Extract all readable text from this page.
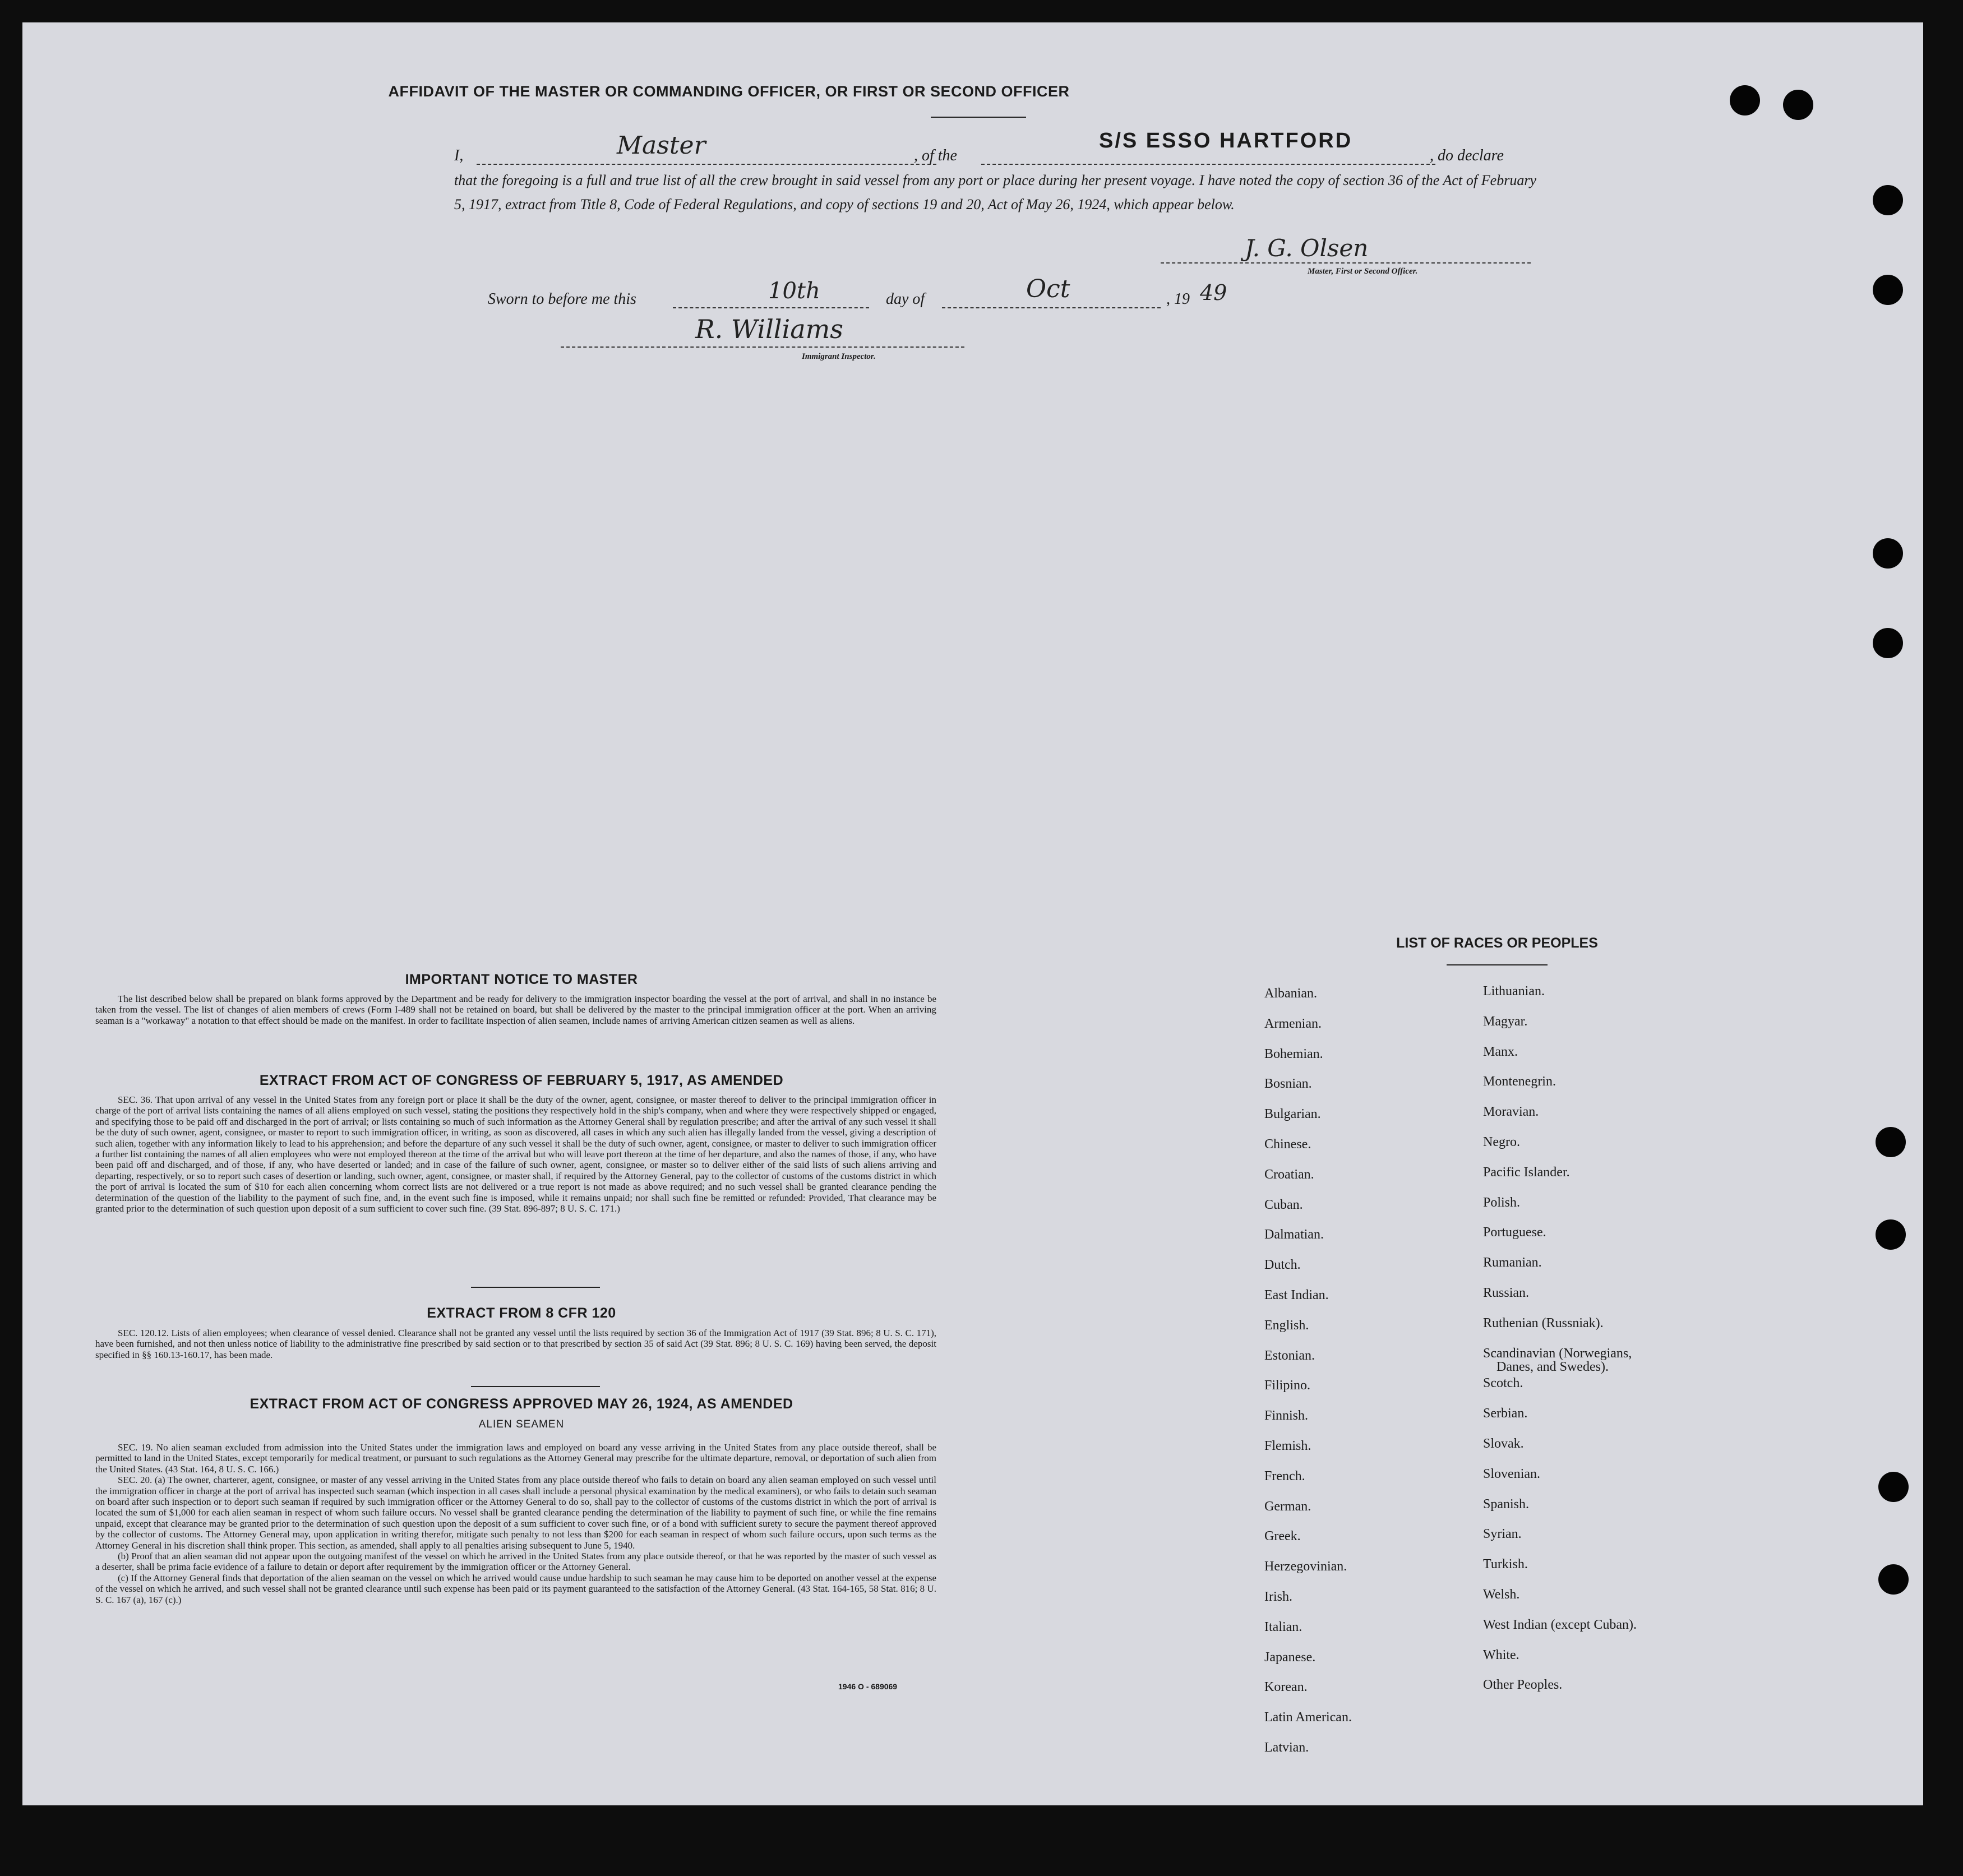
AFFIDAVIT OF THE MASTER OR COMMANDING OFFICER, OR FIRST OR SECOND OFFICER
I,	Master	, of the
S/S ESSO HARTFORD
, do declare
that the foregoing is a full and true list of all the crew brought in said vessel from any port or place during her present voyage. I have noted the copy of section 36 of the Act of February 5, 1917, extract from Title 8, Code of Federal Regulations, and copy of sections 19 and 20, Act of May 26, 1924, which appear below.
J. G. Olsen
Master, First or Second Officer.
Sworn to before me this	10th	day of	Oct	, 19 49
R. Williams
Immigrant Inspector.
IMPORTANT NOTICE TO MASTER

The list described below shall be prepared on blank forms approved by the Department and be ready for delivery to the immigration inspector boarding the vessel at the port of arrival, and shall in no instance be taken from the vessel. The list of changes of alien members of crews (Form I-489 shall not be retained on board, but shall be delivered by the master to the principal immigration officer at the port. When an arriving seaman is a "workaway" a notation to that effect should be made on the manifest. In order to facilitate inspection of alien seamen, include names of arriving American citizen seamen as well as aliens.

EXTRACT FROM ACT OF CONGRESS OF FEBRUARY 5, 1917, AS AMENDED

SEC. 36. That upon arrival of any vessel in the United States from any foreign port or place it shall be the duty of the owner, agent, consignee, or master thereof to deliver to the principal immigration officer in charge of the port of arrival lists containing the names of all aliens employed on such vessel, stating the positions they respectively hold in the ship's company, when and where they were respectively shipped or engaged, and specifying those to be paid off and discharged in the port of arrival; or lists containing so much of such information as the Attorney General shall by regulation prescribe; and after the arrival of any such vessel it shall be the duty of such owner, agent, consignee, or master to report to such immigration officer, in writing, as soon as discovered, all cases in which any such alien has illegally landed from the vessel, giving a description of such alien, together with any information likely to lead to his apprehension; and before the departure of any such vessel it shall be the duty of such owner, agent, consignee, or master to deliver to such immigration officer a further list containing the names of all alien employees who were not employed thereon at the time of the arrival but who will leave port thereon at the time of her departure, and also the names of those, if any, who have been paid off and discharged, and of those, if any, who have deserted or landed; and in case of the failure of such owner, agent, consignee, or master so to deliver either of the said lists of such aliens arriving and departing, respectively, or so to report such cases of desertion or landing, such owner, agent, consignee, or master shall, if required by the Attorney General, pay to the collector of customs of the customs district in which the port of arrival is located the sum of $10 for each alien concerning whom correct lists are not delivered or a true report is not made as above required; and no such vessel shall be granted clearance pending the determination of the question of the liability to the payment of such fine, and, in the event such fine is imposed, while it remains unpaid; nor shall such fine be remitted or refunded: Provided, That clearance may be granted prior to the determination of such question upon deposit of a sum sufficient to cover such fine. (39 Stat. 896-897; 8 U. S. C. 171.)

EXTRACT FROM 8 CFR 120

SEC. 120.12. Lists of alien employees; when clearance of vessel denied. Clearance shall not be granted any vessel until the lists required by section 36 of the Immigration Act of 1917 (39 Stat. 896; 8 U. S. C. 171), have been furnished, and not then unless notice of liability to the administrative fine prescribed by said section or to that prescribed by section 35 of said Act (39 Stat. 896; 8 U. S. C. 169) having been served, the deposit specified in §§ 160.13-160.17, has been made.

EXTRACT FROM ACT OF CONGRESS APPROVED MAY 26, 1924, AS AMENDED
ALIEN SEAMEN

SEC. 19. No alien seaman excluded from admission into the United States under the immigration laws and employed on board any vesse arriving in the United States from any place outside thereof, shall be permitted to land in the United States, except temporarily for medical treatment, or pursuant to such regulations as the Attorney General may prescribe for the ultimate departure, removal, or deportation of such alien from the United States. (43 Stat. 164, 8 U. S. C. 166.)

SEC. 20. (a) The owner, charterer, agent, consignee, or master of any vessel arriving in the United States from any place outside thereof who fails to detain on board any alien seaman employed on such vessel until the immigration officer in charge at the port of arrival has inspected such seaman (which inspection in all cases shall include a personal physical examination by the medical examiners), or who fails to detain such seaman on board after such inspection or to deport such seaman if required by such immigration officer or the Attorney General to do so, shall pay to the collector of customs of the customs district in which the port of arrival is located the sum of $1,000 for each alien seaman in respect of whom such failure occurs. No vessel shall be granted clearance pending the determination of the liability to payment of such fine, or while the fine remains unpaid, except that clearance may be granted prior to the determination of such question upon the deposit of a sum sufficient to cover such fine, or of a bond with sufficient surety to secure the payment thereof approved by the collector of customs. The Attorney General may, upon application in writing therefor, mitigate such penalty to not less than $200 for each seaman in respect of whom such failure occurs, upon such terms as the Attorney General in his discretion shall think proper. This section, as amended, shall apply to all penalties arising subsequent to June 5, 1940.

(b) Proof that an alien seaman did not appear upon the outgoing manifest of the vessel on which he arrived in the United States from any place outside thereof, or that he was reported by the master of such vessel as a deserter, shall be prima facie evidence of a failure to detain or deport after requirement by the immigration officer or the Attorney General.

(c) If the Attorney General finds that deportation of the alien seaman on the vessel on which he arrived would cause undue hardship to such seaman he may cause him to be deported on another vessel at the expense of the vessel on which he arrived, and such vessel shall not be granted clearance until such expense has been paid or its payment guaranteed to the satisfaction of the Attorney General. (43 Stat. 164-165, 58 Stat. 816; 8 U. S. C. 167 (a), 167 (c).)

1946 O - 689069
LIST OF RACES OR PEOPLES
Albanian.
Armenian.
Bohemian.
Bosnian.
Bulgarian.
Chinese.
Croatian.
Cuban.
Dalmatian.
Dutch.
East Indian.
English.
Estonian.
Filipino.
Finnish.
Flemish.
French.
German.
Greek.
Herzegovinian.
Irish.
Italian.
Japanese.
Korean.
Latin American.
Latvian.
Lithuanian.
Magyar.
Manx.
Montenegrin.
Moravian.
Negro.
Pacific Islander.
Polish.
Portuguese.
Rumanian.
Russian.
Ruthenian (Russniak).
Scandinavian (Norwegians,
Danes, and Swedes).
Scotch.
Serbian.
Slovak.
Slovenian.
Spanish.
Syrian.
Turkish.
Welsh.
West Indian (except Cuban).
White.
Other Peoples.
